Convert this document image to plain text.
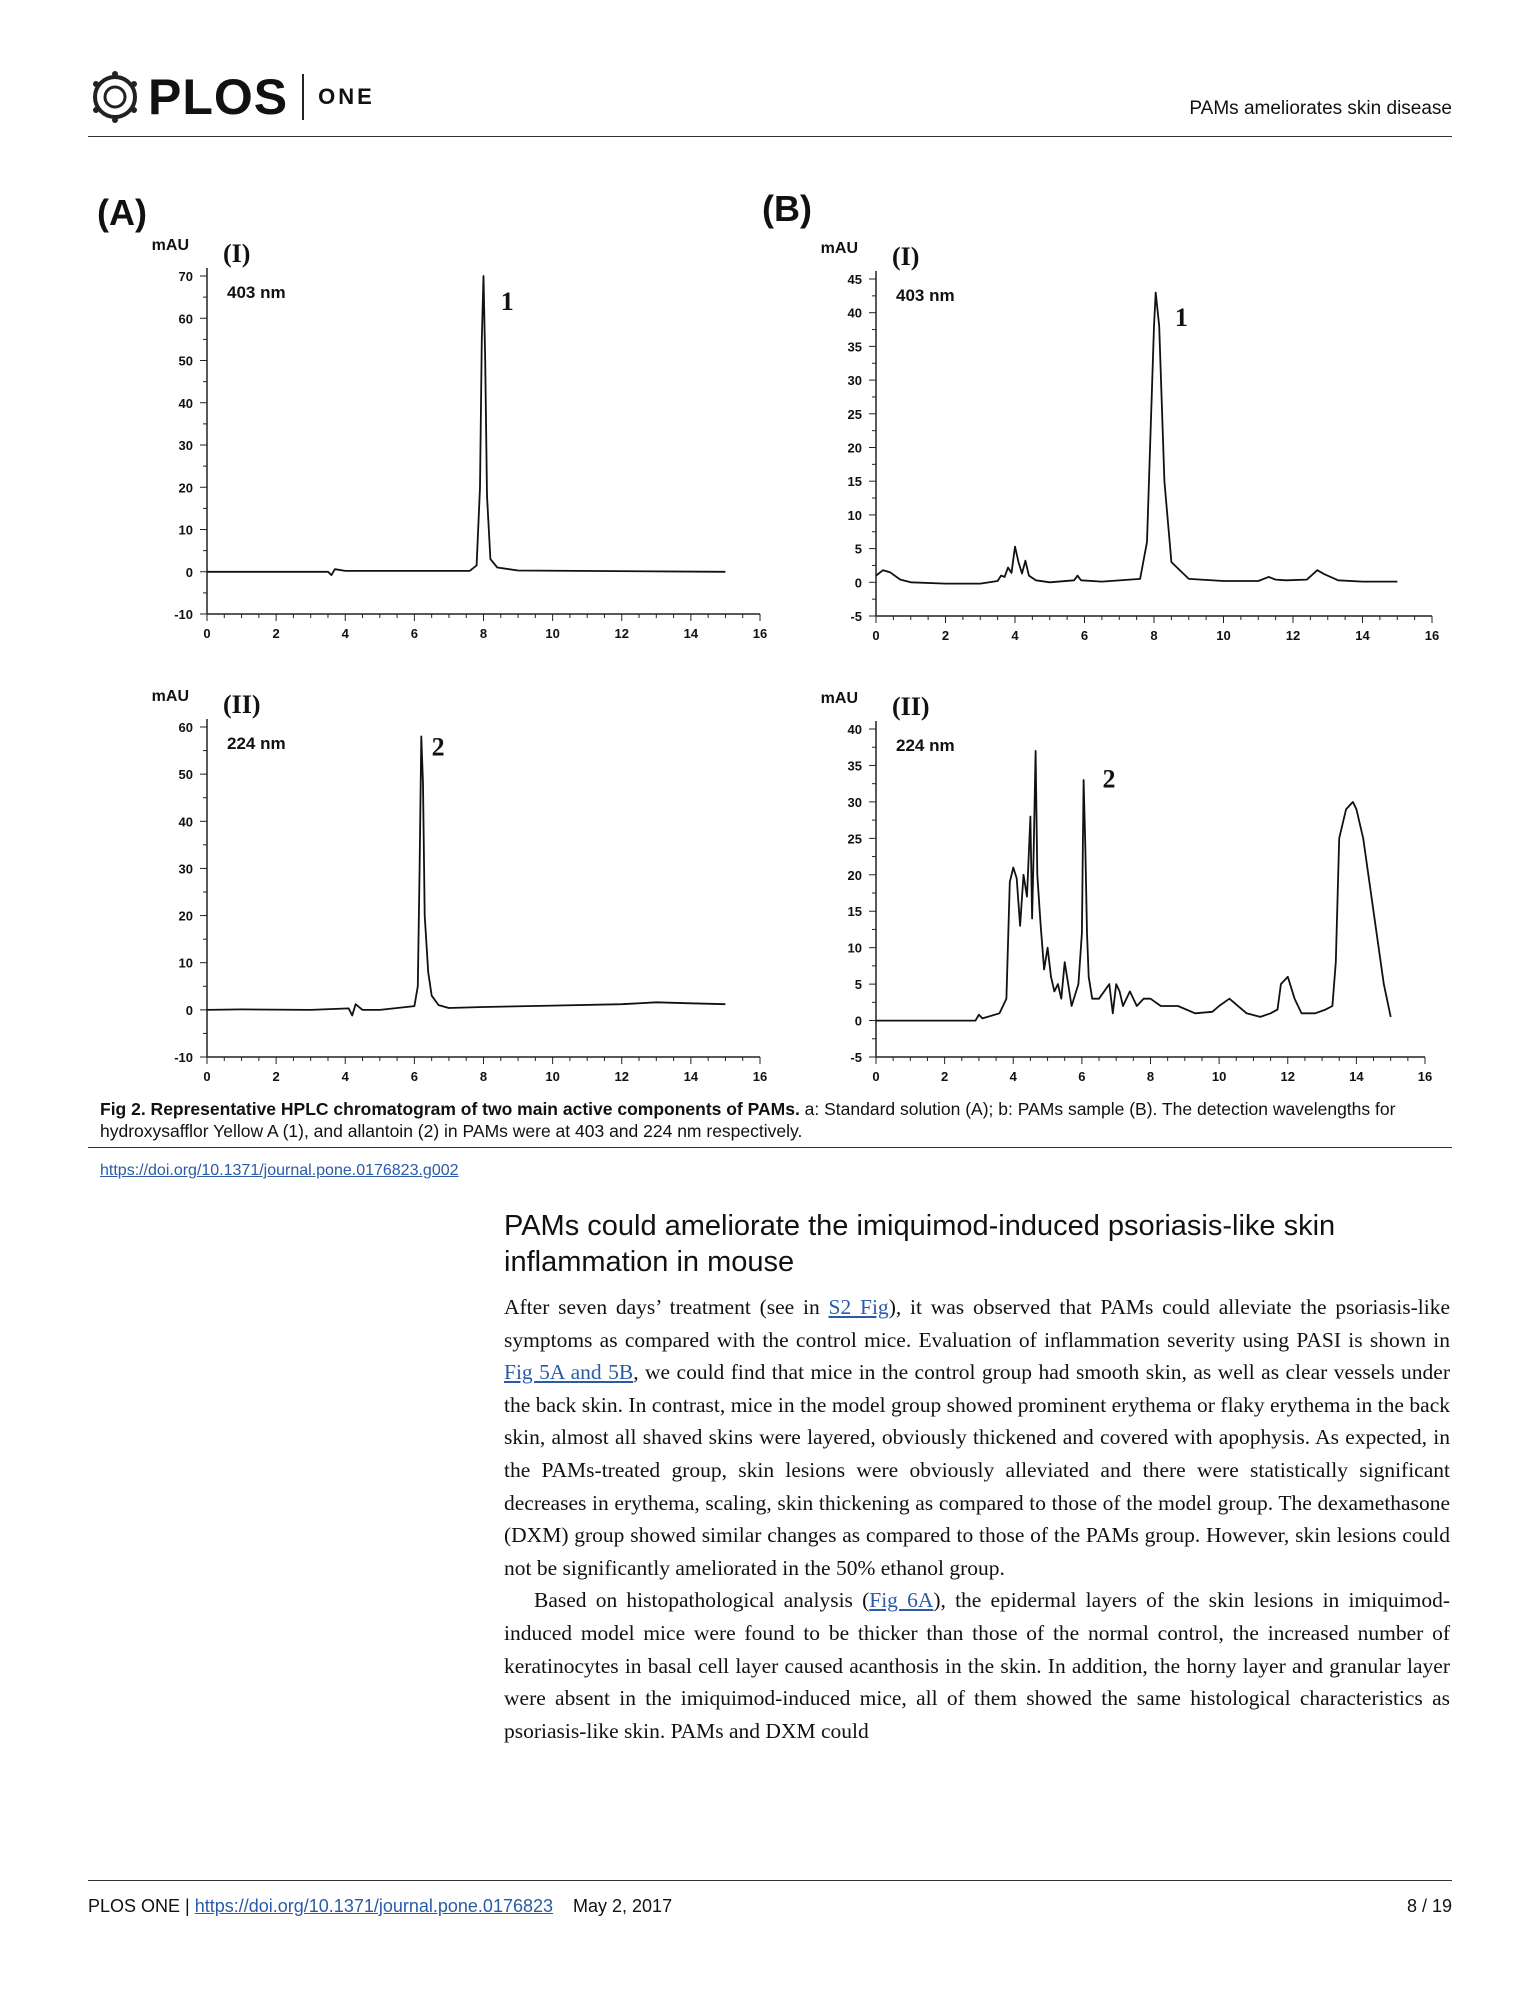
PLOS ONE	PAMs ameliorates skin disease
(A)	(B)
0	2	4	6	8	10	12	14	16
-10
0
10
20
30
40
50
60
70
mAU (I)
403 nm	1
0	2	4	6	8	10	12	14	16
-5
0
5
10
15
20
25
30
35
40
45
mAU (I)
403 nm
1
0	2	4	6	8	10	12	14	16
-10
0
10
20
30
40
50
60
mAU (II)
224 nm	2
0	2	4	6	8	10	12	14	16
-5
0
5
10
15
20
25
30
35
40
mAU (II)
224 nm
2
Fig 2. Representative HPLC chromatogram of two main active components of PAMs. a: Standard solution (A); b: PAMs sample (B). The detection wavelengths for hydroxysafflor Yellow A (1), and allantoin (2) in PAMs were at 403 and 224 nm respectively.
https://doi.org/10.1371/journal.pone.0176823.g002
PAMs could ameliorate the imiquimod-induced psoriasis-like skin inflammation in mouse

After seven days’ treatment (see in S2 Fig), it was observed that PAMs could alleviate the psoriasis-like symptoms as compared with the control mice. Evaluation of inflammation severity using PASI is shown in Fig 5A and 5B, we could find that mice in the control group had smooth skin, as well as clear vessels under the back skin. In contrast, mice in the model group showed prominent erythema or flaky erythema in the back skin, almost all shaved skins were layered, obviously thickened and covered with apophysis. As expected, in the PAMs-treated group, skin lesions were obviously alleviated and there were statistically significant decreases in erythema, scaling, skin thickening as compared to those of the model group. The dexamethasone (DXM) group showed similar changes as compared to those of the PAMs group. However, skin lesions could not be significantly ameliorated in the 50% ethanol group.

Based on histopathological analysis (Fig 6A), the epidermal layers of the skin lesions in imiquimod-induced model mice were found to be thicker than those of the normal control, the increased number of keratinocytes in basal cell layer caused acanthosis in the skin. In addition, the horny layer and granular layer were absent in the imiquimod-induced mice, all of them showed the same histological characteristics as psoriasis-like skin. PAMs and DXM could

PLOS ONE | https://doi.org/10.1371/journal.pone.0176823 May 2, 2017	8 / 19
